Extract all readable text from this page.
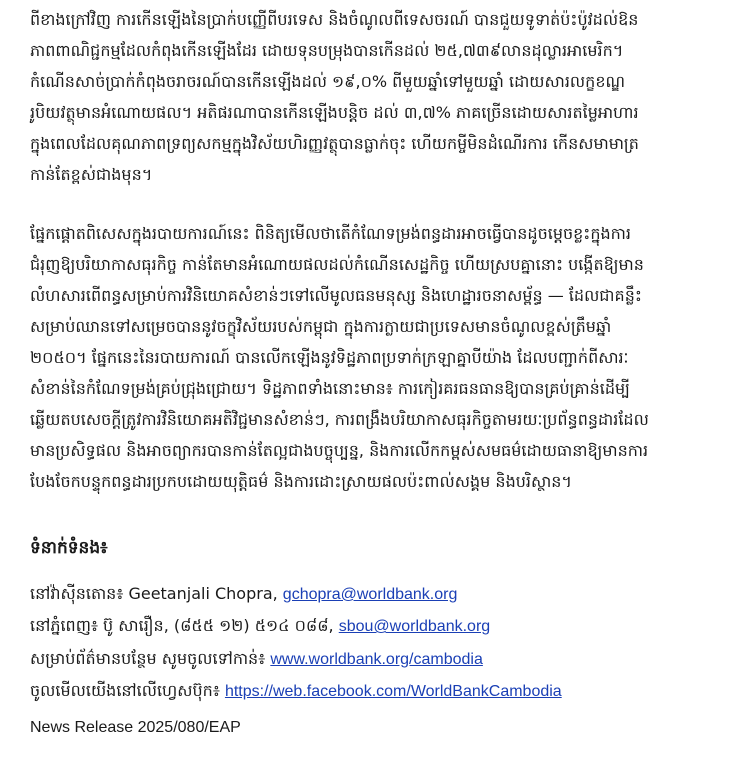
ពីខាងក្រៅវិញ ការកើនឡើងនៃប្រាក់បញ្ញើពីបរទេស និងចំណូលពីទេសចរណ៍ បានជួយទូទាត់ប៉ះប៉ូវដល់ឱន
ភាពពាណិជ្ជកម្មដែលកំពុងកើនឡើងដែរ ដោយទុនបម្រុងបានកើនដល់ ២៥,៧៣៩លានដុល្លារអាមេរិក។
កំណើនសាច់ប្រាក់កំពុងចរាចរណ៍បានកើនឡើងដល់ ១៩,០% ពីមួយឆ្នាំទៅមួយឆ្នាំ ដោយសារលក្ខខណ្ឌ
រូបិយវត្ថុមានអំណោយផល។ អតិផរណាបានកើនឡើងបន្តិច ដល់ ៣,៧% ភាគច្រើនដោយសារតម្លៃអាហារ
ក្នុងពេលដែលគុណភាពទ្រព្យសកម្មក្នុងវិស័យហិរញ្ញវត្ថុបានធ្លាក់ចុះ ហើយកម្ចីមិនដំណើរការ កើនសមាមាត្រ
កាន់តែខ្ពស់ជាងមុន។

ផ្នែកផ្តោតពិសេសក្នុងរបាយការណ៍នេះ ពិនិត្យមើលថាតើកំណែទម្រង់ពន្ធដារអាចធ្វើបានដូចម្តេចខ្លះក្នុងការ
ជំរុញឱ្យបរិយាកាសធុរកិច្ច កាន់តែមានអំណោយផលដល់កំណើនសេដ្ឋកិច្ច ហើយស្របគ្នានោះ បង្កើតឱ្យមាន
លំហសារពើពន្ធសម្រាប់ការវិនិយោគសំខាន់ៗទៅលើមូលធនមនុស្ស និងហេដ្ឋារចនាសម្ព័ន្ធ — ដែលជាគន្លឹះ
សម្រាប់ឈានទៅសម្រេចបាននូវចក្ខុវិស័យរបស់កម្ពុជា ក្នុងការក្លាយជាប្រទេសមានចំណូលខ្ពស់ត្រឹមឆ្នាំ
២០៥០។ ផ្នែកនេះនៃរបាយការណ៍ បានលើកឡើងនូវទិដ្ឋភាពប្រទាក់ក្រឡាគ្នាបីយ៉ាង ដែលបញ្ជាក់ពីសារៈ
សំខាន់នៃកំណែទម្រង់គ្រប់ជ្រុងជ្រោយ។ ទិដ្ឋភាពទាំងនោះមាន៖ ការកៀរគរធនធានឱ្យបានគ្រប់គ្រាន់ដើម្បី
ឆ្លើយតបសេចក្តីត្រូវការវិនិយោគអតិវិជ្ជមានសំខាន់ៗ, ការពង្រឹងបរិយាកាសធុរកិច្ចតាមរយៈប្រព័ន្ធពន្ធដារដែល
មានប្រសិទ្ធផល និងអាចព្យាករបានកាន់តែល្អជាងបច្ចុប្បន្ន, និងការលើកកម្ពស់សមធម៌ដោយធានាឱ្យមានការ
បែងចែកបន្ទុកពន្ធដារប្រកបដោយយុត្តិធម៌ និងការដោះស្រាយផលប៉ះពាល់សង្គម និងបរិស្ថាន។

ទំនាក់ទំនង៖
នៅវ៉ាស៊ីនតោន៖ Geetanjali Chopra, gchopra@worldbank.org
នៅភ្នំពេញ៖ ប៊ូ សារឿន, (៨៥៥ ១២) ៥១៤ ០៨៨, sbou@worldbank.org
សម្រាប់ព័ត៌មានបន្ថែម សូមចូលទៅកាន់៖ www.worldbank.org/cambodia
ចូលមើលយើងនៅលើហ្វេសប៊ុក៖ https://web.facebook.com/WorldBankCambodia

News Release 2025/080/EAP
